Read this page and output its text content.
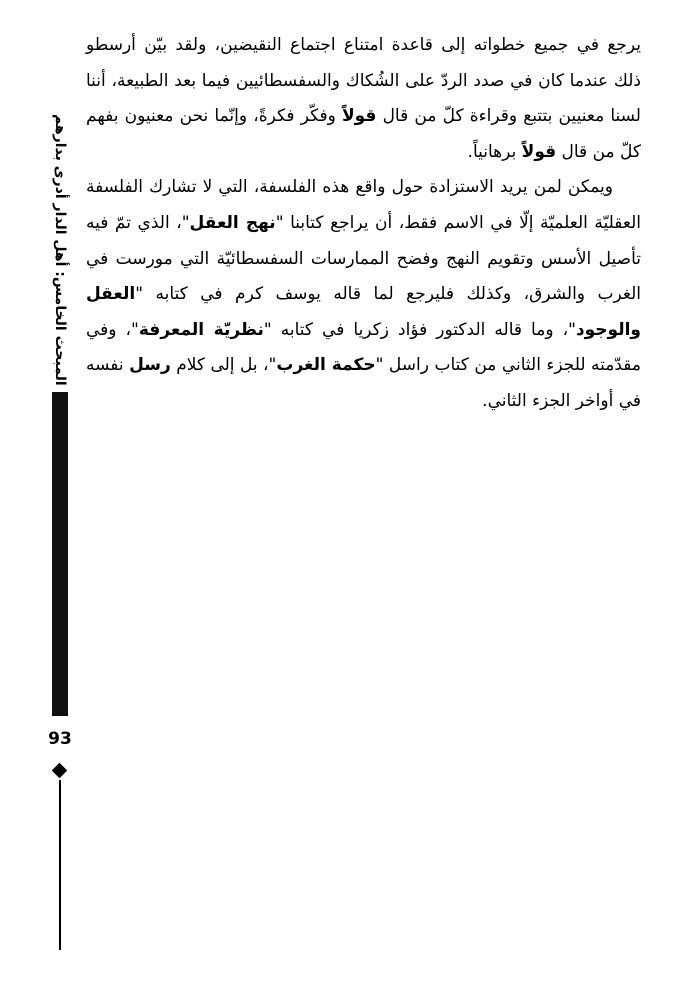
يرجع في جميع خطواته إلى قاعدة امتناع اجتماع النقيضين، ولقد بيّن أرسطو ذلك عندما كان في صدد الردّ على الشُكاك والسفسطائيين فيما بعد الطبيعة، أننا لسنا معنيين بتتبع وقراءة كلّ من قال قولاً وفكّر فكرةً، وإنّما نحن معنيون بفهم كلّ من قال قولاً برهانياً.

ويمكن لمن يريد الاستزادة حول واقع هذه الفلسفة، التي لا تشارك الفلسفة العقليّة العلميّة إلّا في الاسم فقط، أن يراجع كتابنا "نهج العقل"، الذي تمّ فيه تأصيل الأسس وتقويم النهج وفضح الممارسات السفسطائيّة التي مورست في الغرب والشرق، وكذلك فليرجع لما قاله يوسف كرم في كتابه "العقل والوجود"، وما قاله الدكتور فؤاد زكريا في كتابه "نظريّة المعرفة"، وفي مقدّمته للجزء الثاني من كتاب راسل "حكمة الغرب"، بل إلى كلام رسل نفسه في أواخر الجزء الثاني.

المبحث الخامس: أهل الدار أدرى بدارهم
93
